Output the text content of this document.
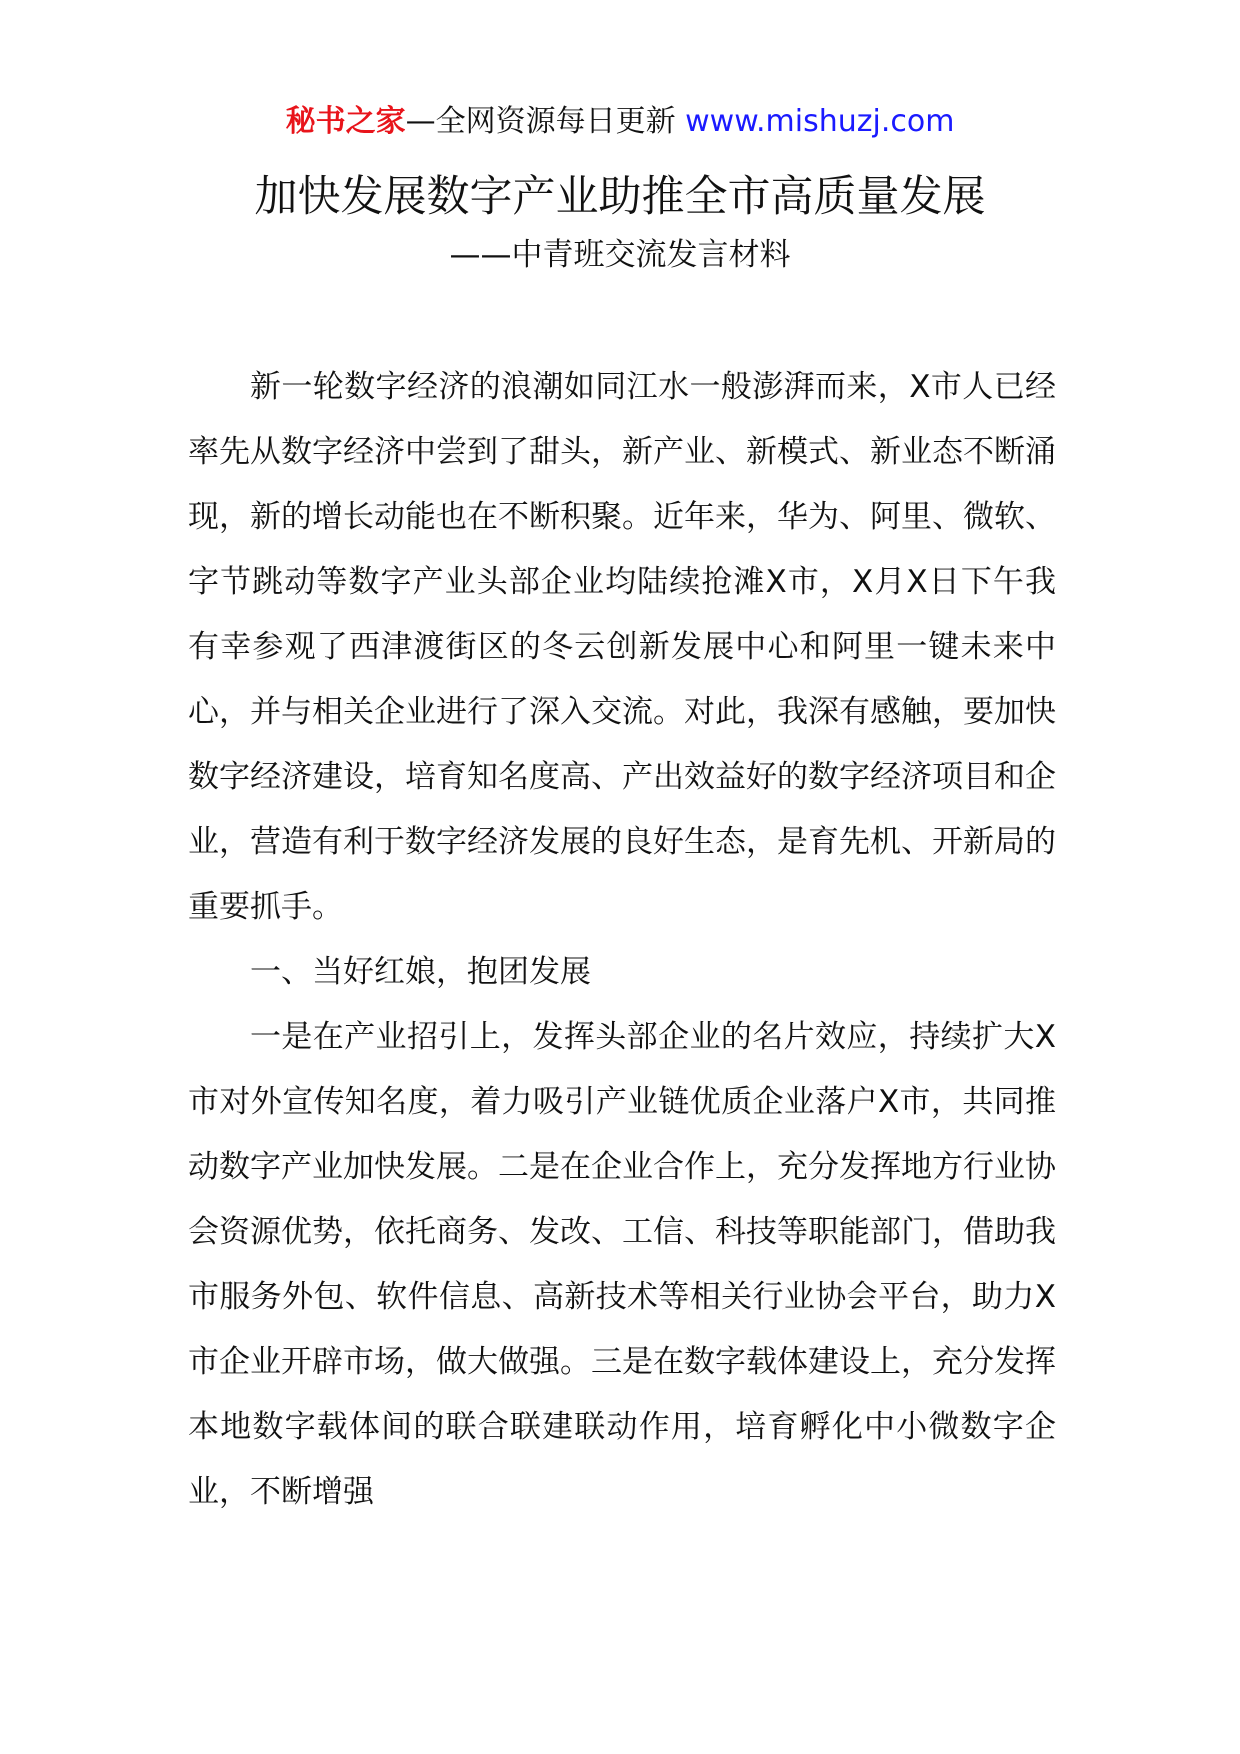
秘书之家—全网资源每日更新 www.mishuzj.com
加快发展数字产业助推全市高质量发展
——中青班交流发言材料

新一轮数字经济的浪潮如同江水一般澎湃而来，X市人已经率先从数字经济中尝到了甜头，新产业、新模式、新业态不断涌现，新的增长动能也在不断积聚。近年来，华为、阿里、微软、字节跳动等数字产业头部企业均陆续抢滩X市，X月X日下午我有幸参观了西津渡街区的冬云创新发展中心和阿里一键未来中心，并与相关企业进行了深入交流。对此，我深有感触，要加快数字经济建设，培育知名度高、产出效益好的数字经济项目和企业，营造有利于数字经济发展的良好生态，是育先机、开新局的重要抓手。

一、当好红娘，抱团发展

一是在产业招引上，发挥头部企业的名片效应，持续扩大X市对外宣传知名度，着力吸引产业链优质企业落户X市，共同推动数字产业加快发展。二是在企业合作上，充分发挥地方行业协会资源优势，依托商务、发改、工信、科技等职能部门，借助我市服务外包、软件信息、高新技术等相关行业协会平台，助力X市企业开辟市场，做大做强。三是在数字载体建设上，充分发挥本地数字载体间的联合联建联动作用，培育孵化中小微数字企业，不断增强
